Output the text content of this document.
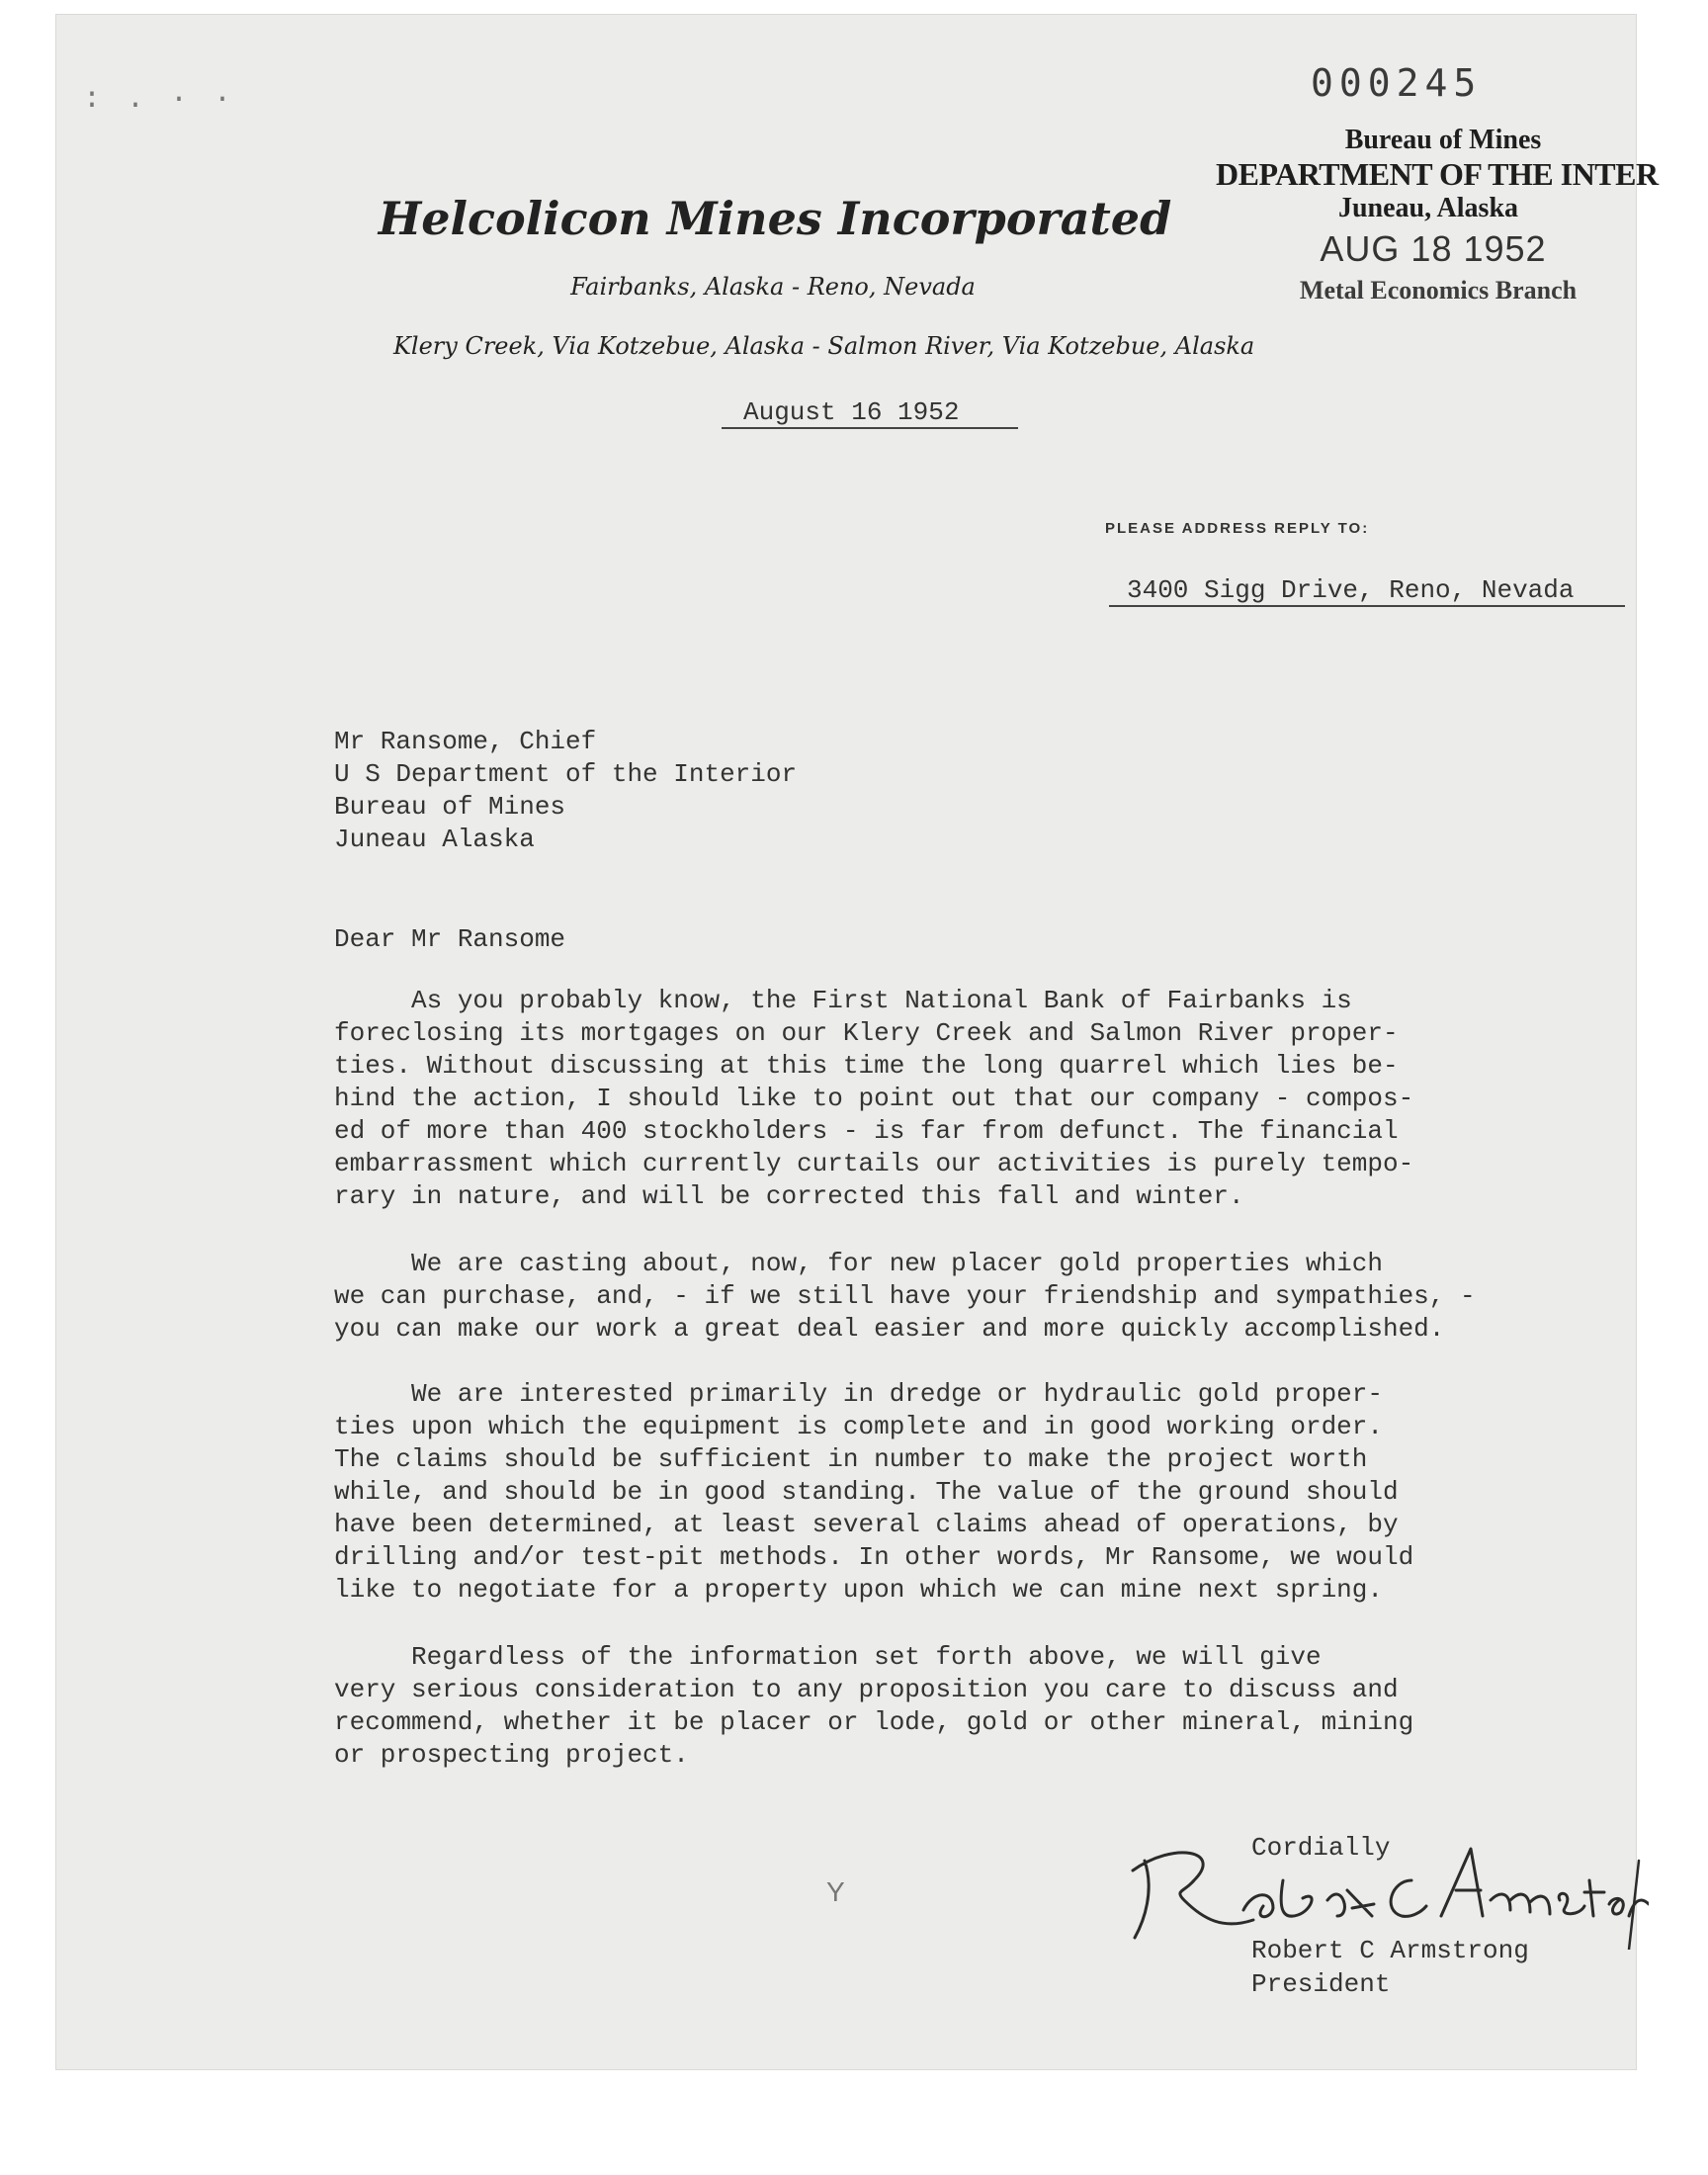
: . · ·	000245
Bureau of Mines
DEPARTMENT OF THE INTER
Juneau, Alaska
AUG 18 1952
Metal Economics Branch
Helcolicon Mines Incorporated
Fairbanks, Alaska - Reno, Nevada
Klery Creek, Via Kotzebue, Alaska - Salmon River, Via Kotzebue, Alaska
August 16 1952
PLEASE ADDRESS REPLY TO:
3400 Sigg Drive, Reno, Nevada
Mr Ransome, Chief
U S Department of the Interior
Bureau of Mines
Juneau Alaska
Dear Mr Ransome
As you probably know, the First National Bank of Fairbanks is
foreclosing its mortgages on our Klery Creek and Salmon River proper-
ties. Without discussing at this time the long quarrel which lies be-
hind the action, I should like to point out that our company - compos-
ed of more than 400 stockholders - is far from defunct. The financial
embarrassment which currently curtails our activities is purely tempo-
rary in nature, and will be corrected this fall and winter.
We are casting about, now, for new placer gold properties which
we can purchase, and, - if we still have your friendship and sympathies, -
you can make our work a great deal easier and more quickly accomplished.
We are interested primarily in dredge or hydraulic gold proper-
ties upon which the equipment is complete and in good working order.
The claims should be sufficient in number to make the project worth
while, and should be in good standing. The value of the ground should
have been determined, at least several claims ahead of operations, by
drilling and/or test-pit methods. In other words, Mr Ransome, we would
like to negotiate for a property upon which we can mine next spring.
Regardless of the information set forth above, we will give
very serious consideration to any proposition you care to discuss and
recommend, whether it be placer or lode, gold or other mineral, mining
or prospecting project.
Y
Cordially
Robert C Armstrong
President
